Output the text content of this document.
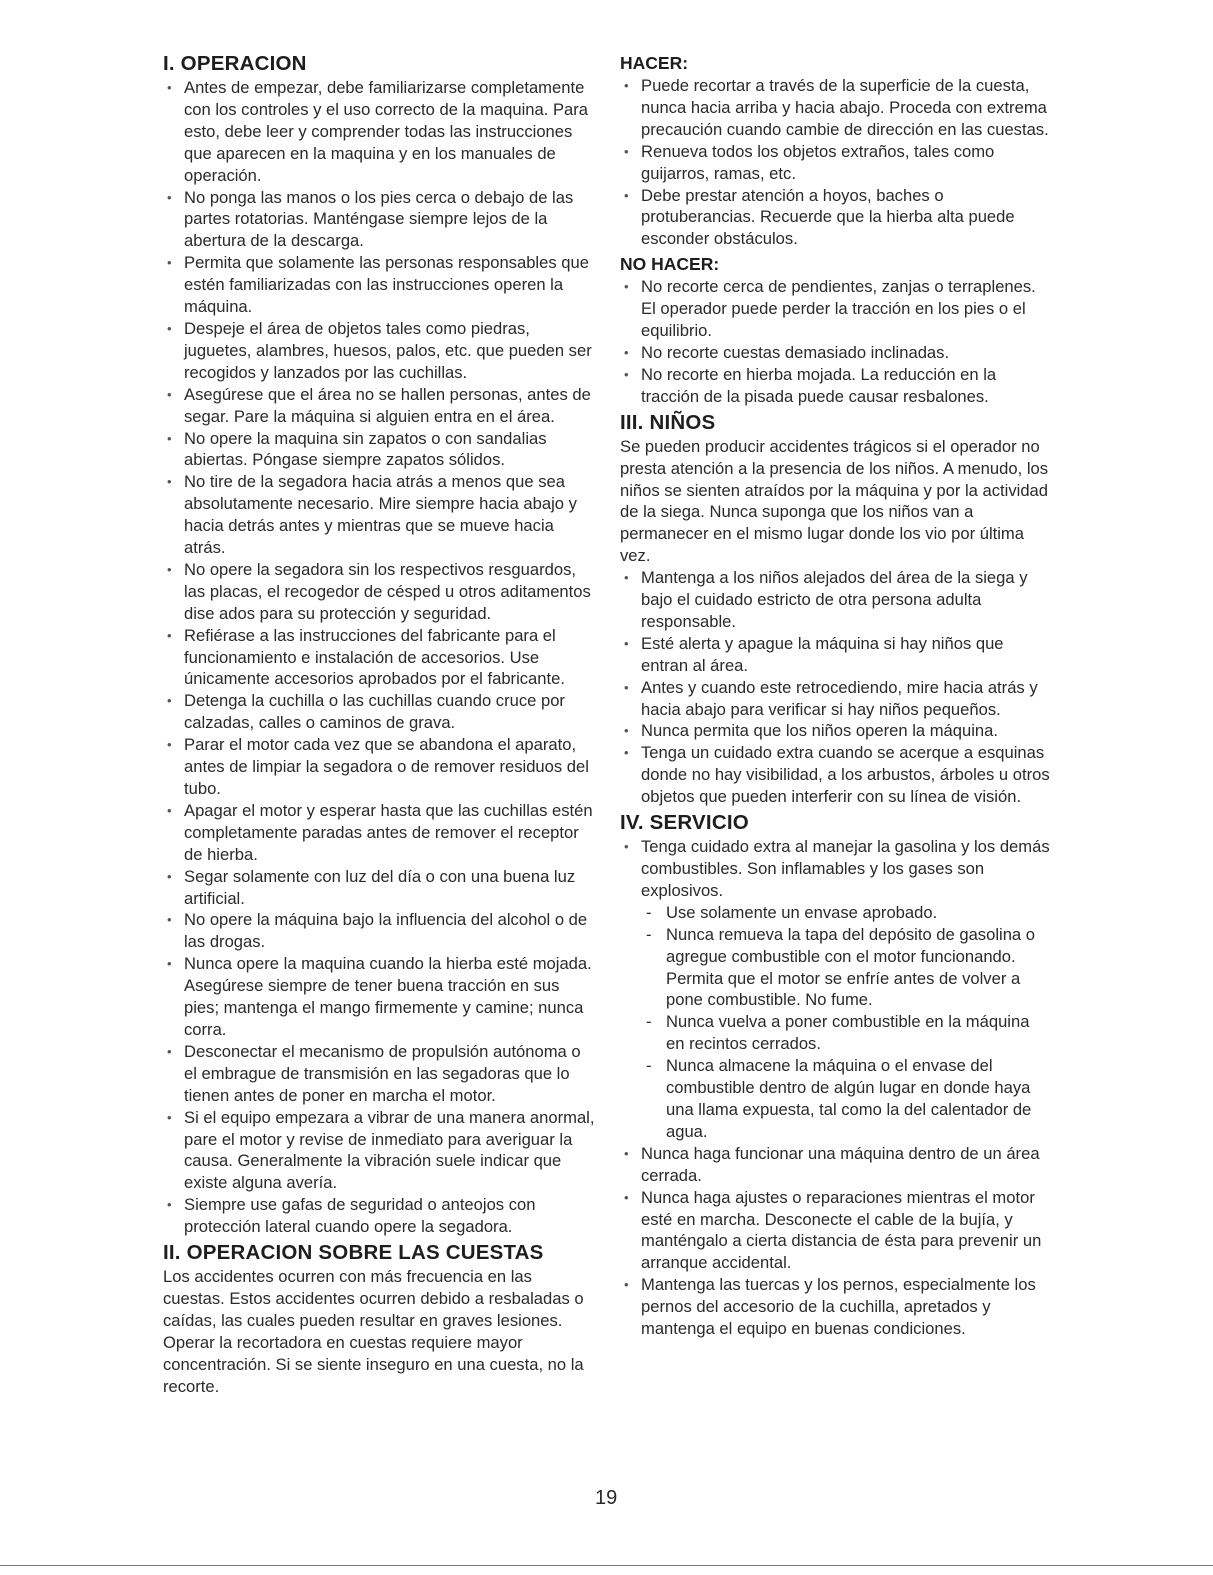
I. OPERACION
• Antes de empezar, debe familiarizarse completamente con los controles y el uso correcto de la maquina. Para esto, debe leer y comprender todas las instrucciones que aparecen en la maquina y en los manuales de operación.
• No ponga las manos o los pies cerca o debajo de las partes rotatorias. Manténgase siempre lejos de la abertura de la descarga.
• Permita que solamente las personas responsables que estén familiarizadas con las instrucciones operen la máquina.
• Despeje el área de objetos tales como piedras, juguetes, alambres, huesos, palos, etc. que pueden ser recogidos y lanzados por las cuchillas.
• Asegúrese que el área no se hallen personas, antes de segar. Pare la máquina si alguien entra en el área.
• No opere la maquina sin zapatos o con sandalias abiertas. Póngase siempre zapatos sólidos.
• No tire de la segadora hacia atrás a menos que sea absolutamente necesario. Mire siempre hacia abajo y hacia detrás antes y mientras que se mueve hacia atrás.
• No opere la segadora sin los respectivos resguardos, las placas, el recogedor de césped u otros aditamentos dise ados para su protección y seguridad.
• Refiérase a las instrucciones del fabricante para el funcionamiento e instalación de accesorios. Use únicamente accesorios aprobados por el fabricante.
• Detenga la cuchilla o las cuchillas cuando cruce por calzadas, calles o caminos de grava.
• Parar el motor cada vez que se abandona el aparato, antes de limpiar la segadora o de remover residuos del tubo.
• Apagar el motor y esperar hasta que las cuchillas estén completamente paradas antes de remover el receptor de hierba.
• Segar solamente con luz del día o con una buena luz artificial.
• No opere la máquina bajo la influencia del alcohol o de las drogas.
• Nunca opere la maquina cuando la hierba esté mojada. Asegúrese siempre de tener buena tracción en sus pies; mantenga el mango firmemente y camine; nunca corra.
• Desconectar el mecanismo de propulsión autónoma o el embrague de transmisión en las segadoras que lo tienen antes de poner en marcha el motor.
• Si el equipo empezara a vibrar de una manera anormal, pare el motor y revise de inmediato para averiguar la causa. Generalmente la vibración suele indicar que existe alguna avería.
• Siempre use gafas de seguridad o anteojos con protección lateral cuando opere la segadora.
II. OPERACION SOBRE LAS CUESTAS

Los accidentes ocurren con más frecuencia en las cuestas. Estos accidentes ocurren debido a resbaladas o caídas, las cuales pueden resultar en graves lesiones. Operar la recortadora en cuestas requiere mayor concentración. Si se siente inseguro en una cuesta, no la recorte.

HACER:
• Puede recortar a través de la superficie de la cuesta, nunca hacia arriba y hacia abajo. Proceda con extrema precaución cuando cambie de dirección en las cuestas.
• Renueva todos los objetos extraños, tales como guijarros, ramas, etc.
• Debe prestar atención a hoyos, baches o protuberancias. Recuerde que la hierba alta puede esconder obstáculos.
NO HACER:
• No recorte cerca de pendientes, zanjas o terraplenes. El operador puede perder la tracción en los pies o el equilibrio.
• No recorte cuestas demasiado inclinadas.
• No recorte en hierba mojada. La reducción en la tracción de la pisada puede causar resbalones.
III. NIÑOS

Se pueden producir accidentes trágicos si el operador no presta atención a la presencia de los niños. A menudo, los niños se sienten atraídos por la máquina y por la actividad de la siega. Nunca suponga que los niños van a permanecer en el mismo lugar donde los vio por última vez.

• Mantenga a los niños alejados del área de la siega y bajo el cuidado estricto de otra persona adulta responsable.
• Esté alerta y apague la máquina si hay niños que entran al área.
• Antes y cuando este retrocediendo, mire hacia atrás y hacia abajo para verificar si hay niños pequeños.
• Nunca permita que los niños operen la máquina.
• Tenga un cuidado extra cuando se acerque a esquinas donde no hay visibilidad, a los arbustos, árboles u otros objetos que pueden interferir con su línea de visión.
IV. SERVICIO
• Tenga cuidado extra al manejar la gasolina y los demás combustibles. Son inflamables y los gases son explosivos.
- Use solamente un envase aprobado.
- Nunca remueva la tapa del depósito de gasolina o agregue combustible con el motor funcionando. Permita que el motor se enfríe antes de volver a pone combustible. No fume.
- Nunca vuelva a poner combustible en la máquina en recintos cerrados.
- Nunca almacene la máquina o el envase del combustible dentro de algún lugar en donde haya una llama expuesta, tal como la del calentador de agua.
• Nunca haga funcionar una máquina dentro de un área cerrada.
• Nunca haga ajustes o reparaciones mientras el motor esté en marcha. Desconecte el cable de la bujía, y manténgalo a cierta distancia de ésta para prevenir un arranque accidental.
• Mantenga las tuercas y los pernos, especialmente los pernos del accesorio de la cuchilla, apretados y mantenga el equipo en buenas condiciones.
19
